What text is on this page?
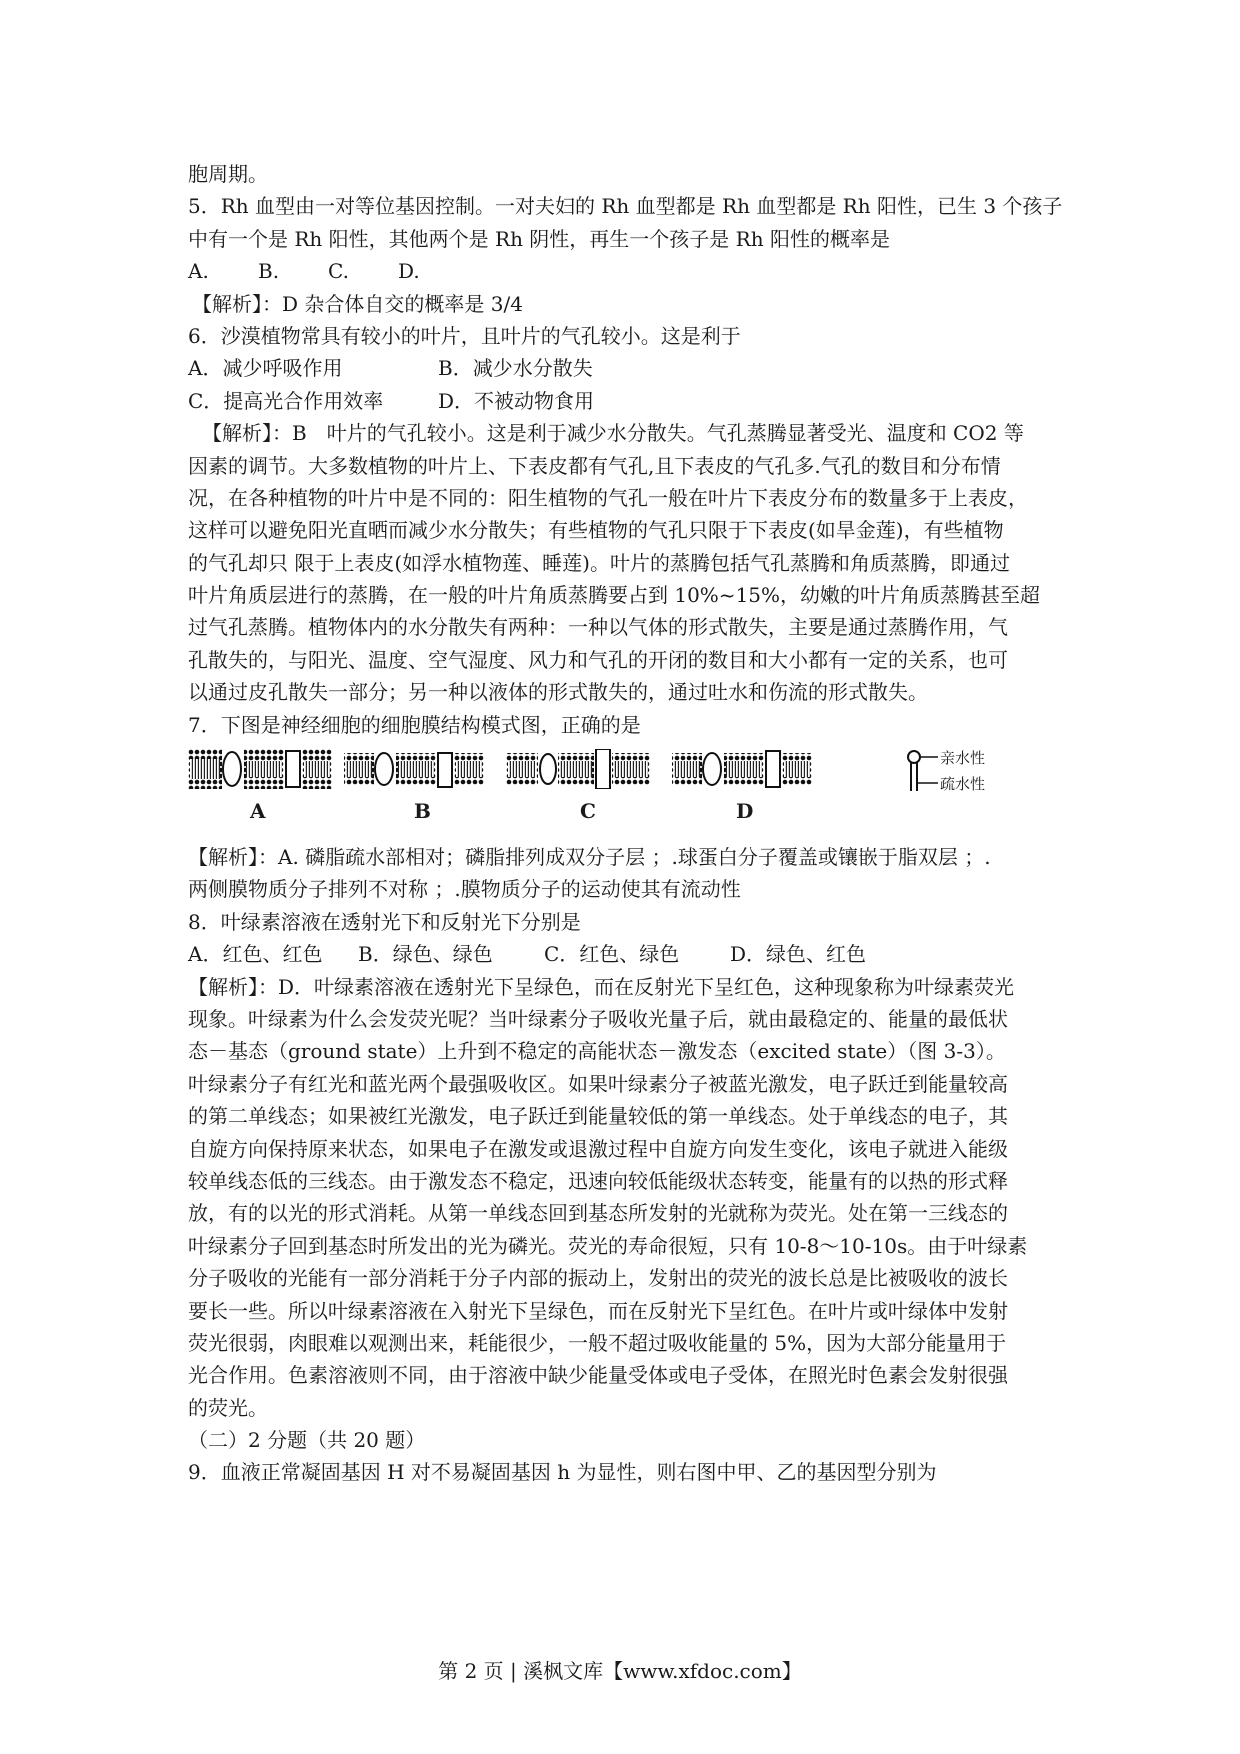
胞周期。
5．Rh 血型由一对等位基因控制。一对夫妇的 Rh 血型都是 Rh 血型都是 Rh 阳性，已生 3 个孩子
中有一个是 Rh 阳性，其他两个是 Rh 阴性，再生一个孩子是 Rh 阳性的概率是
A. B. C. D.
【解析】：D 杂合体自交的概率是 3/4
6．沙漠植物常具有较小的叶片，且叶片的气孔较小。这是利于
A．减少呼吸作用	B．减少水分散失
C．提高光合作用效率	D．不被动物食用
【解析】：B　叶片的气孔较小。这是利于减少水分散失。气孔蒸腾显著受光、温度和 CO2 等
因素的调节。大多数植物的叶片上、下表皮都有气孔,且下表皮的气孔多.气孔的数目和分布情
况，在各种植物的叶片中是不同的：阳生植物的气孔一般在叶片下表皮分布的数量多于上表皮，
这样可以避免阳光直晒而减少水分散失；有些植物的气孔只限于下表皮(如旱金莲)，有些植物
的气孔却只 限于上表皮(如浮水植物莲、睡莲)。叶片的蒸腾包括气孔蒸腾和角质蒸腾，即通过
叶片角质层进行的蒸腾，在一般的叶片角质蒸腾要占到 10%~15%，幼嫩的叶片角质蒸腾甚至超
过气孔蒸腾。植物体内的水分散失有两种：一种以气体的形式散失，主要是通过蒸腾作用，气
孔散失的，与阳光、温度、空气湿度、风力和气孔的开闭的数目和大小都有一定的关系，也可
以通过皮孔散失一部分；另一种以液体的形式散失的，通过吐水和伤流的形式散失。
7．下图是神经细胞的细胞膜结构模式图，正确的是
A	B	C	D
亲水性
疏水性
【解析】：A. 磷脂疏水部相对；磷脂排列成双分子层 ；.球蛋白分子覆盖或镶嵌于脂双层 ；.
两侧膜物质分子排列不对称 ；.膜物质分子的运动使其有流动性
8．叶绿素溶液在透射光下和反射光下分别是
A．红色、红色 B．绿色、绿色	C．红色、绿色	D．绿色、红色
【解析】：D．叶绿素溶液在透射光下呈绿色，而在反射光下呈红色，这种现象称为叶绿素荧光
现象。叶绿素为什么会发荧光呢？当叶绿素分子吸收光量子后，就由最稳定的、能量的最低状
态－基态（ground state）上升到不稳定的高能状态－激发态（excited state）（图 3-3）。
叶绿素分子有红光和蓝光两个最强吸收区。如果叶绿素分子被蓝光激发，电子跃迁到能量较高
的第二单线态；如果被红光激发，电子跃迁到能量较低的第一单线态。处于单线态的电子，其
自旋方向保持原来状态，如果电子在激发或退激过程中自旋方向发生变化，该电子就进入能级
较单线态低的三线态。由于激发态不稳定，迅速向较低能级状态转变，能量有的以热的形式释
放，有的以光的形式消耗。从第一单线态回到基态所发射的光就称为荧光。处在第一三线态的
叶绿素分子回到基态时所发出的光为磷光。荧光的寿命很短，只有 10-8～10-10s。由于叶绿素
分子吸收的光能有一部分消耗于分子内部的振动上，发射出的荧光的波长总是比被吸收的波长
要长一些。所以叶绿素溶液在入射光下呈绿色，而在反射光下呈红色。在叶片或叶绿体中发射
荧光很弱，肉眼难以观测出来，耗能很少，一般不超过吸收能量的 5%，因为大部分能量用于
光合作用。色素溶液则不同，由于溶液中缺少能量受体或电子受体，在照光时色素会发射很强
的荧光。
（二）2 分题（共 20 题）
9．血液正常凝固基因 H 对不易凝固基因 h 为显性，则右图中甲、乙的基因型分别为
第 2 页 | 溪枫文库【www.xfdoc.com】
